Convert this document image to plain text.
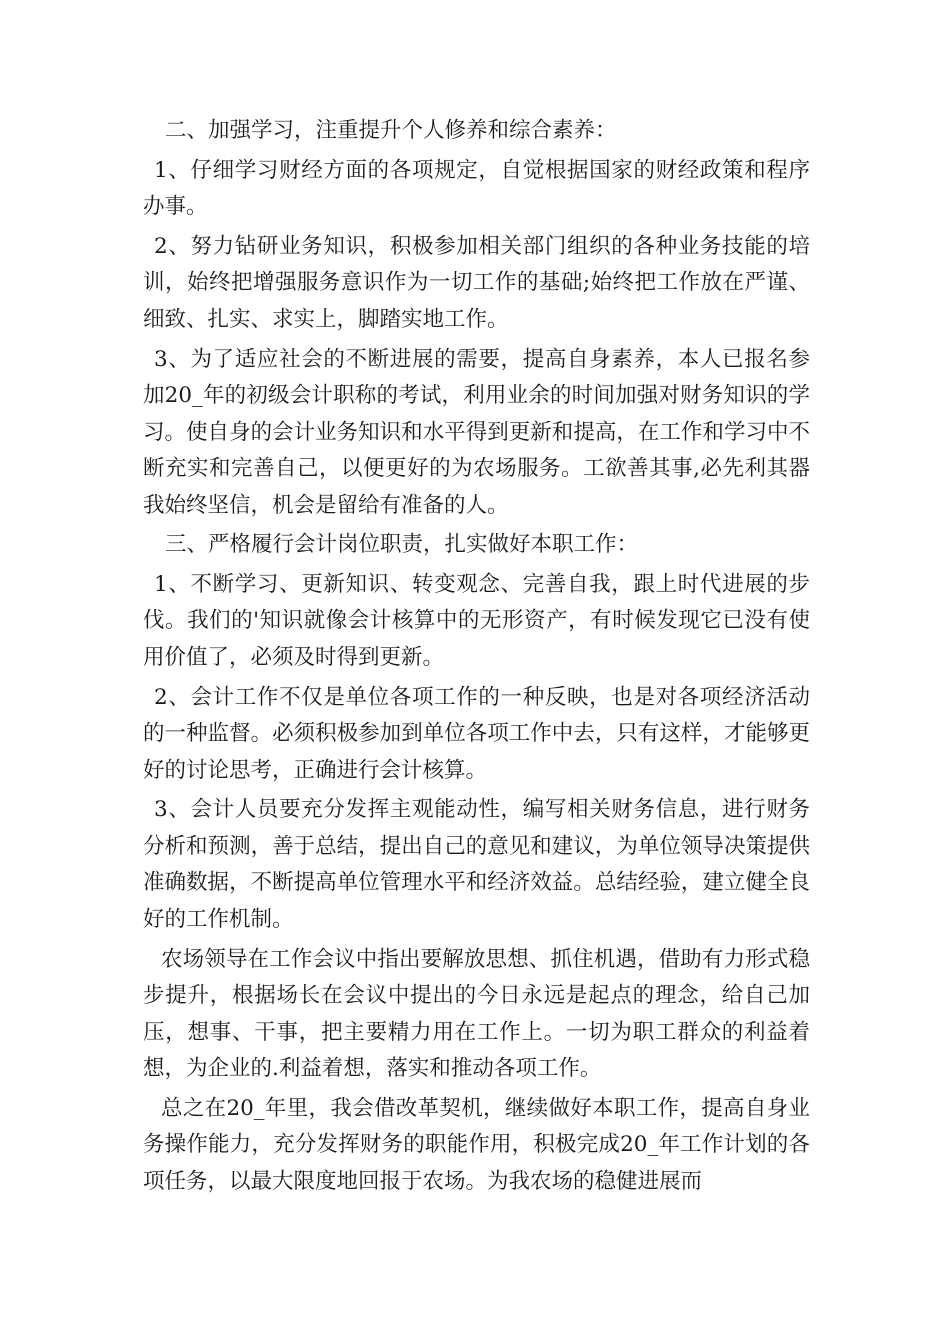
二、加强学习，注重提升个人修养和综合素养：

1、仔细学习财经方面的各项规定，自觉根据国家的财经政策和程序办事。

2、努力钻研业务知识，积极参加相关部门组织的各种业务技能的培训，始终把增强服务意识作为一切工作的基础;始终把工作放在严谨、细致、扎实、求实上，脚踏实地工作。

3、为了适应社会的不断进展的需要，提高自身素养，本人已报名参加20_年的初级会计职称的考试，利用业余的时间加强对财务知识的学习。使自身的会计业务知识和水平得到更新和提高，在工作和学习中不断充实和完善自己，以便更好的为农场服务。工欲善其事,必先利其器我始终坚信，机会是留给有准备的人。

三、严格履行会计岗位职责，扎实做好本职工作：

1、不断学习、更新知识、转变观念、完善自我，跟上时代进展的步伐。我们的'知识就像会计核算中的无形资产，有时候发现它已没有使用价值了，必须及时得到更新。

2、会计工作不仅是单位各项工作的一种反映，也是对各项经济活动的一种监督。必须积极参加到单位各项工作中去，只有这样，才能够更好的讨论思考，正确进行会计核算。

3、会计人员要充分发挥主观能动性，编写相关财务信息，进行财务分析和预测，善于总结，提出自己的意见和建议，为单位领导决策提供准确数据，不断提高单位管理水平和经济效益。总结经验，建立健全良好的工作机制。

农场领导在工作会议中指出要解放思想、抓住机遇，借助有力形式稳步提升，根据场长在会议中提出的今日永远是起点的理念，给自己加压，想事、干事，把主要精力用在工作上。一切为职工群众的利益着想，为企业的.利益着想，落实和推动各项工作。

总之在20_年里，我会借改革契机，继续做好本职工作，提高自身业务操作能力，充分发挥财务的职能作用，积极完成20_年工作计划的各项任务，以最大限度地回报于农场。为我农场的稳健进展而
